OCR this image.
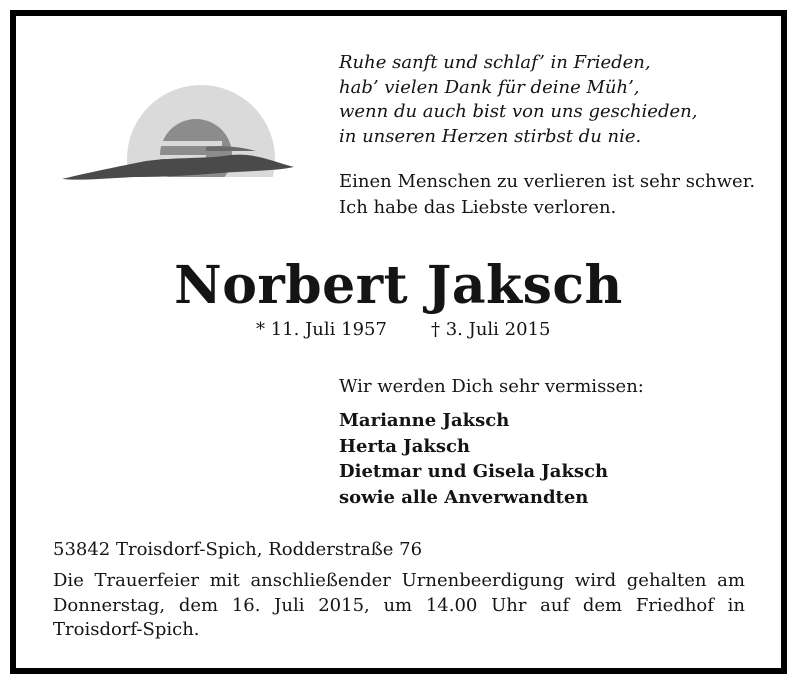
Ruhe sanft und schlaf’ in Frieden,
hab’ vielen Dank für deine Müh’,
wenn du auch bist von uns geschieden,
in unseren Herzen stirbst du nie.
Einen Menschen zu verlieren ist sehr schwer.
Ich habe das Liebste verloren.
Norbert Jaksch
* 11. Juli 1957 † 3. Juli 2015
Wir werden Dich sehr vermissen:
Marianne Jaksch
Herta Jaksch
Dietmar und Gisela Jaksch
sowie alle Anverwandten
53842 Troisdorf-Spich, Rodderstraße 76
Die Trauerfeier mit anschließender Urnenbeerdigung wird gehalten am Donnerstag, dem 16. Juli 2015, um 14.00 Uhr auf dem Friedhof in Troisdorf-Spich.
